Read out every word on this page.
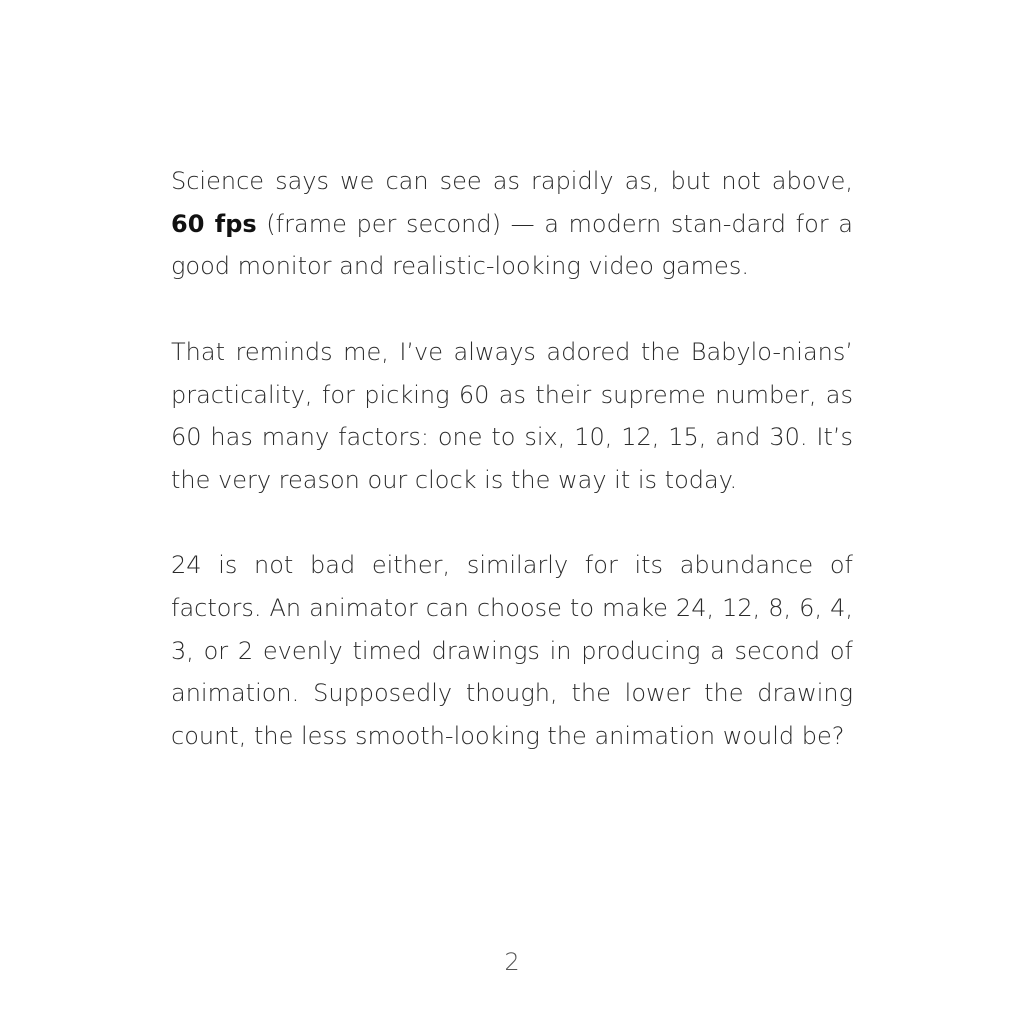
Science says we can see as rapidly as, but not above, 60 fps (frame per second) — a modern stan-dard for a good monitor and realistic-looking video games.

That reminds me, I’ve always adored the Babylo-nians’ practicality, for picking 60 as their supreme number, as 60 has many factors: one to six, 10, 12, 15, and 30. It’s the very reason our clock is the way it is today.

24 is not bad either, similarly for its abundance of factors. An animator can choose to make 24, 12, 8, 6, 4, 3, or 2 evenly timed drawings in producing a second of animation. Supposedly though, the lower the drawing count, the less smooth-looking the animation would be?

2
